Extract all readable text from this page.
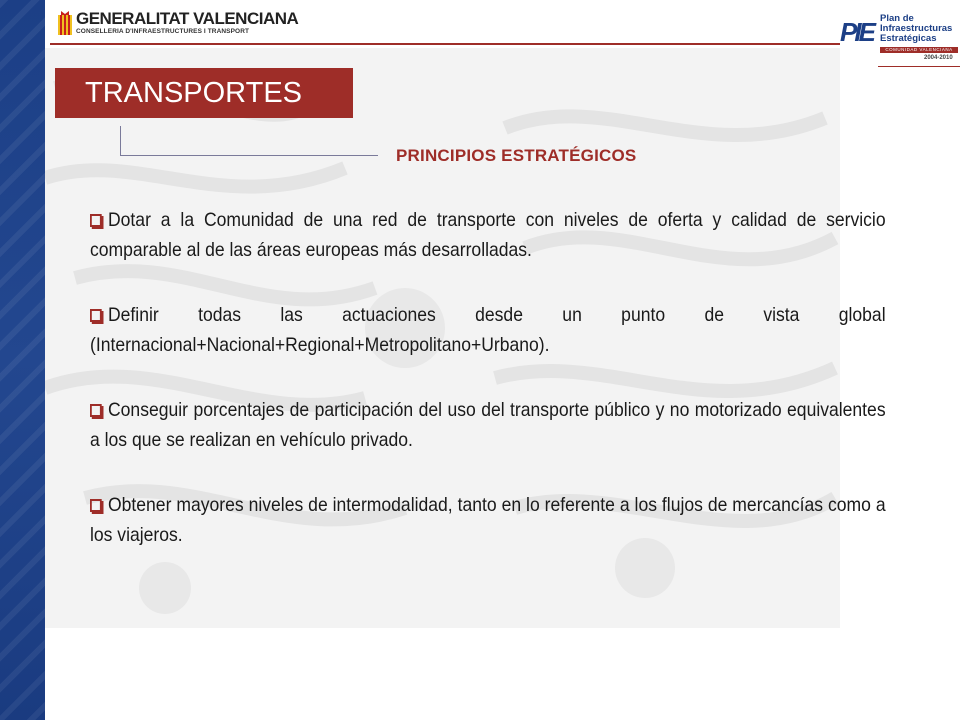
GENERALITAT VALENCIANA
CONSELLERIA D'INFRAESTRUCTURES I TRANSPORT	PIE Plan de
Infraestructuras
Estratégicas
COMUNIDAD VALENCIANA
2004-2010
TRANSPORTES
PRINCIPIOS ESTRATÉGICOS

Dotar a la Comunidad de una red de transporte con niveles de oferta y calidad de servicio comparable al de las áreas europeas más desarrolladas.

Definir todas las actuaciones desde un punto de vista global (Internacional+Nacional+Regional+Metropolitano+Urbano).

Conseguir porcentajes de participación del uso del transporte público y no motorizado equivalentes a los que se realizan en vehículo privado.

Obtener mayores niveles de intermodalidad, tanto en lo referente a los flujos de mercancías como a los viajeros.
